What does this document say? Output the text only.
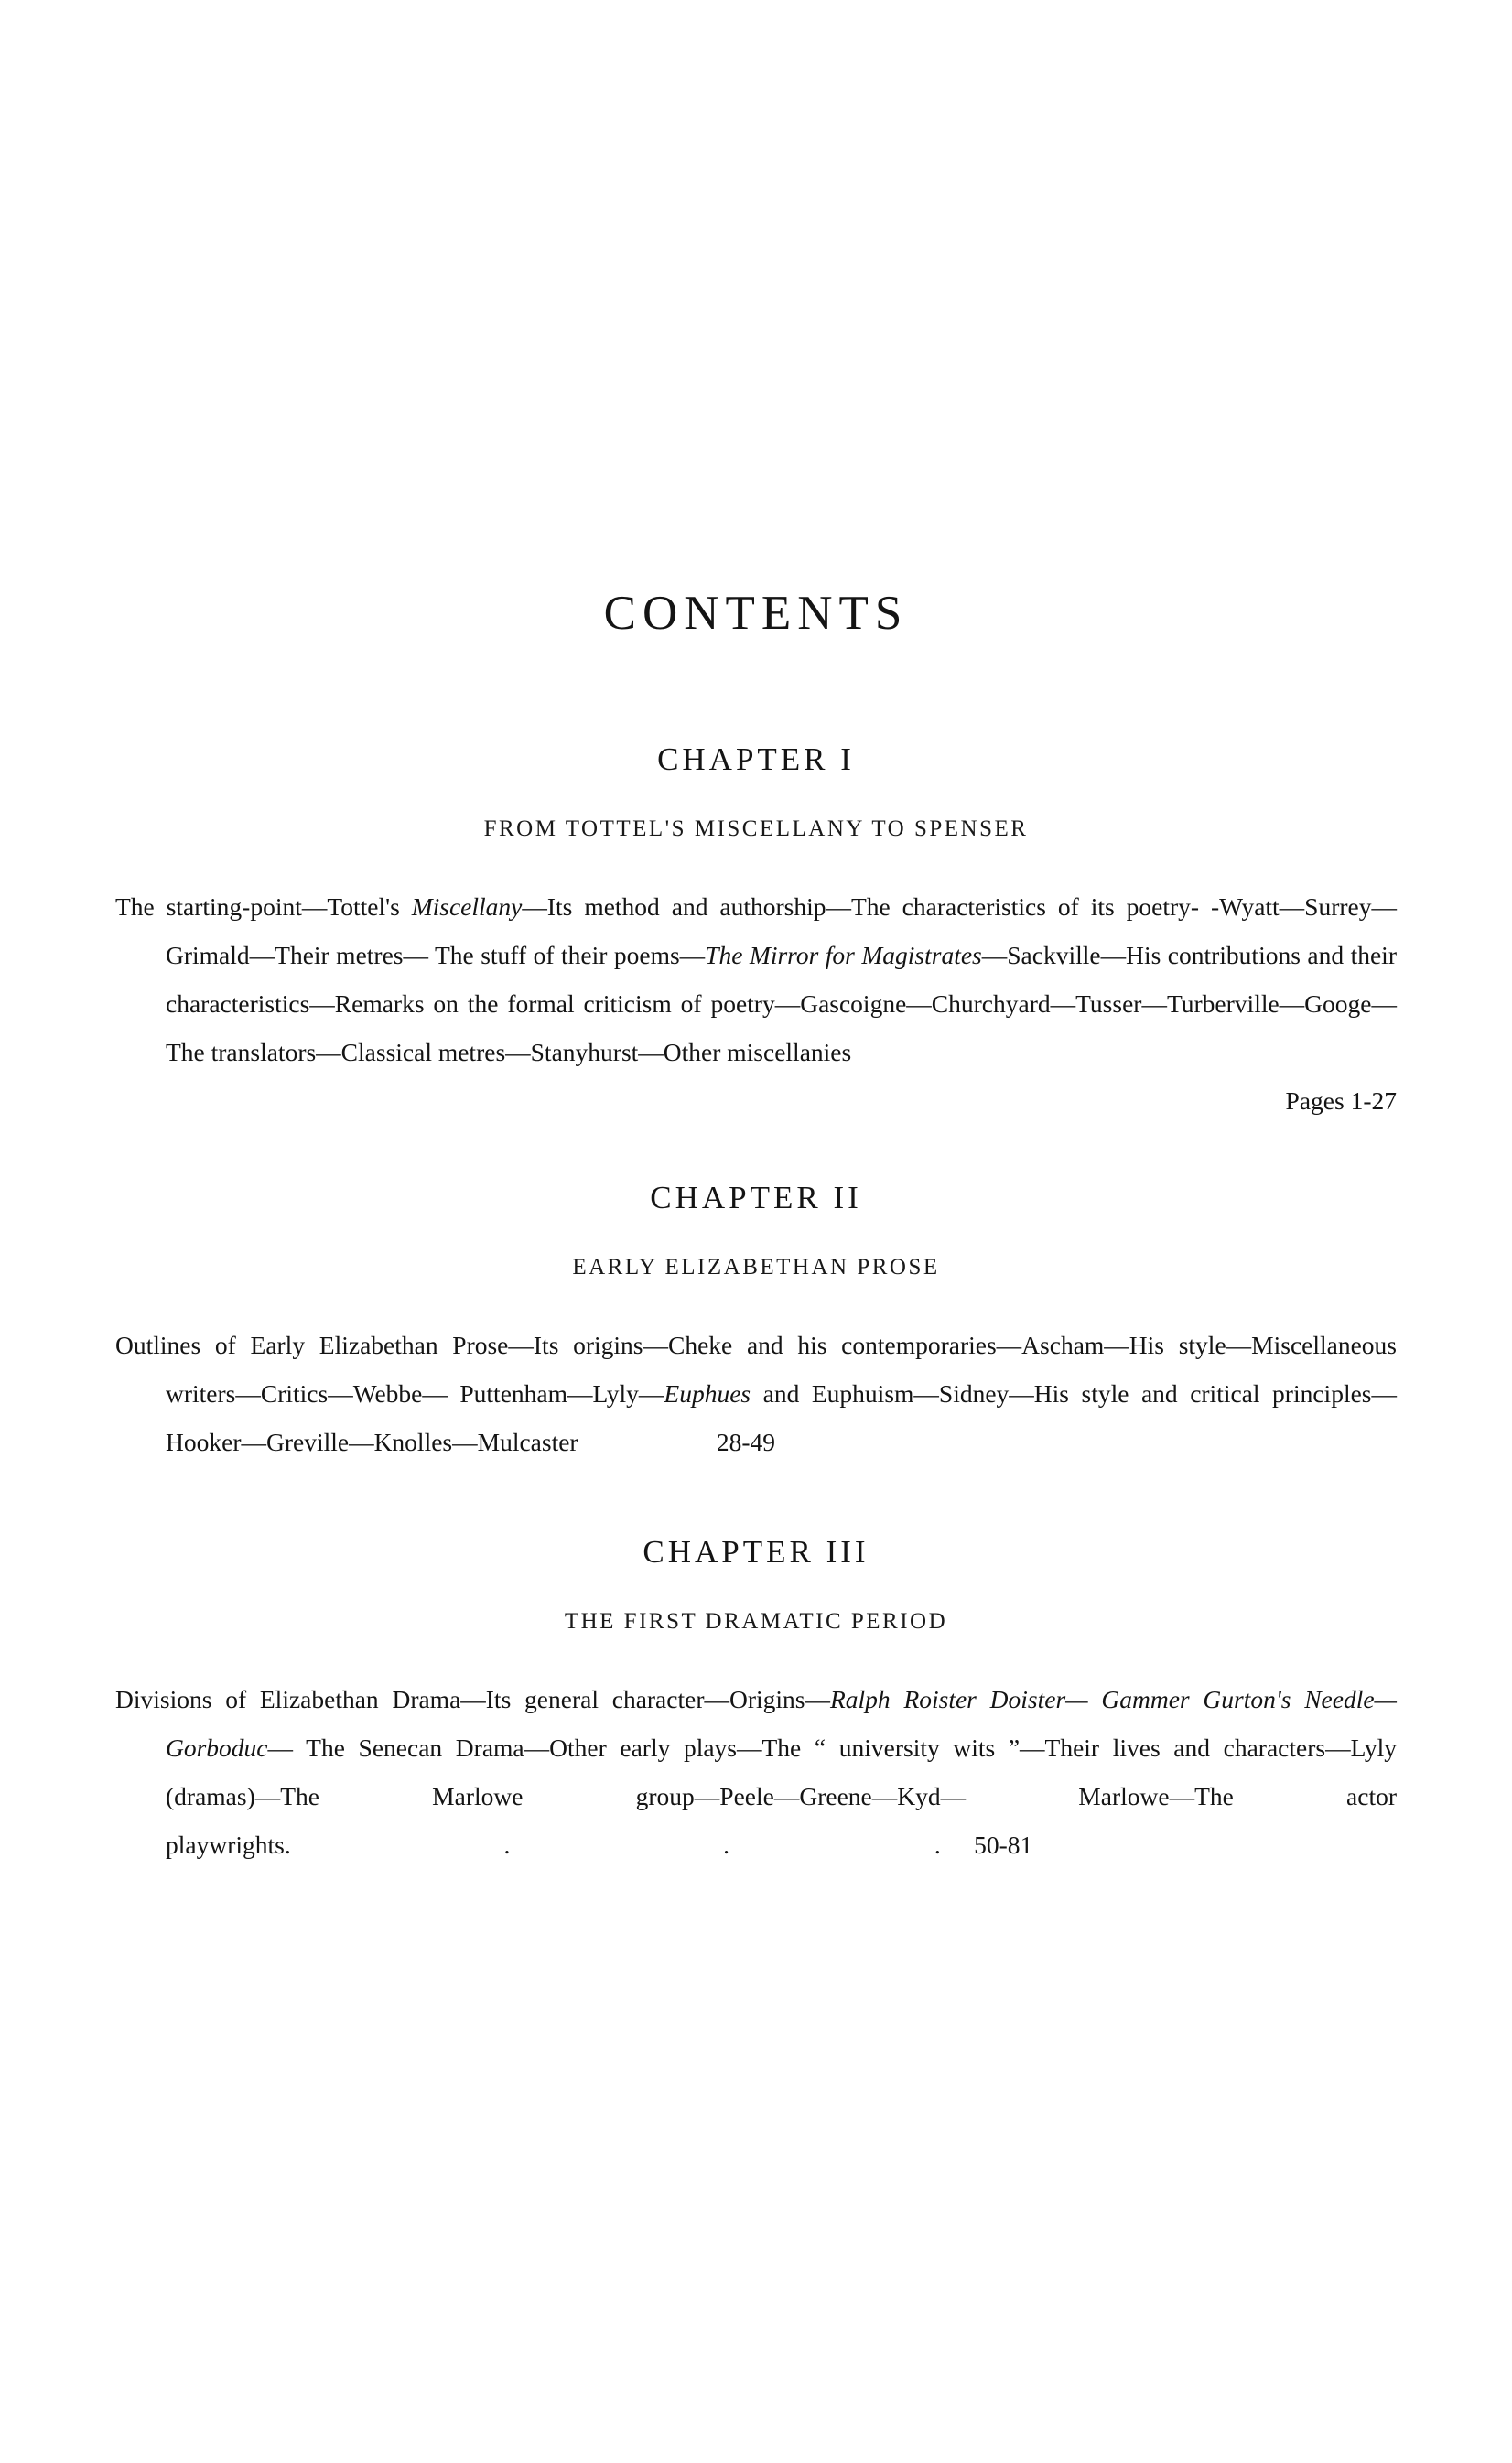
CONTENTS
CHAPTER I
FROM TOTTEL'S MISCELLANY TO SPENSER

The starting-point—Tottel's Miscellany—Its method and authorship—The characteristics of its poetry- -Wyatt—Surrey—Grimald—Their metres— The stuff of their poems—The Mirror for Magistrates—Sackville—His contributions and their characteristics—Remarks on the formal criticism of poetry—Gascoigne—Churchyard—Tusser—Turberville—Googe—The translators—Classical metres—Stanyhurst—Other miscellanies

Pages 1-27
CHAPTER II
EARLY ELIZABETHAN PROSE

Outlines of Early Elizabethan Prose—Its origins—Cheke and his contemporaries—Ascham—His style—Miscellaneous writers—Critics—Webbe— Puttenham—Lyly—Euphues and Euphuism—Sidney—His style and critical principles—Hooker—Greville—Knolles—Mulcaster	28-49

CHAPTER III
THE FIRST DRAMATIC PERIOD

Divisions of Elizabethan Drama—Its general character—Origins—Ralph Roister Doister— Gammer Gurton's Needle— Gorboduc— The Senecan Drama—Other early plays—The “ university wits ”—Their lives and characters—Lyly (dramas)—The Marlowe group—Peele—Greene—Kyd— Marlowe—The actor playwrights.                          .                          .                         . 50-81
